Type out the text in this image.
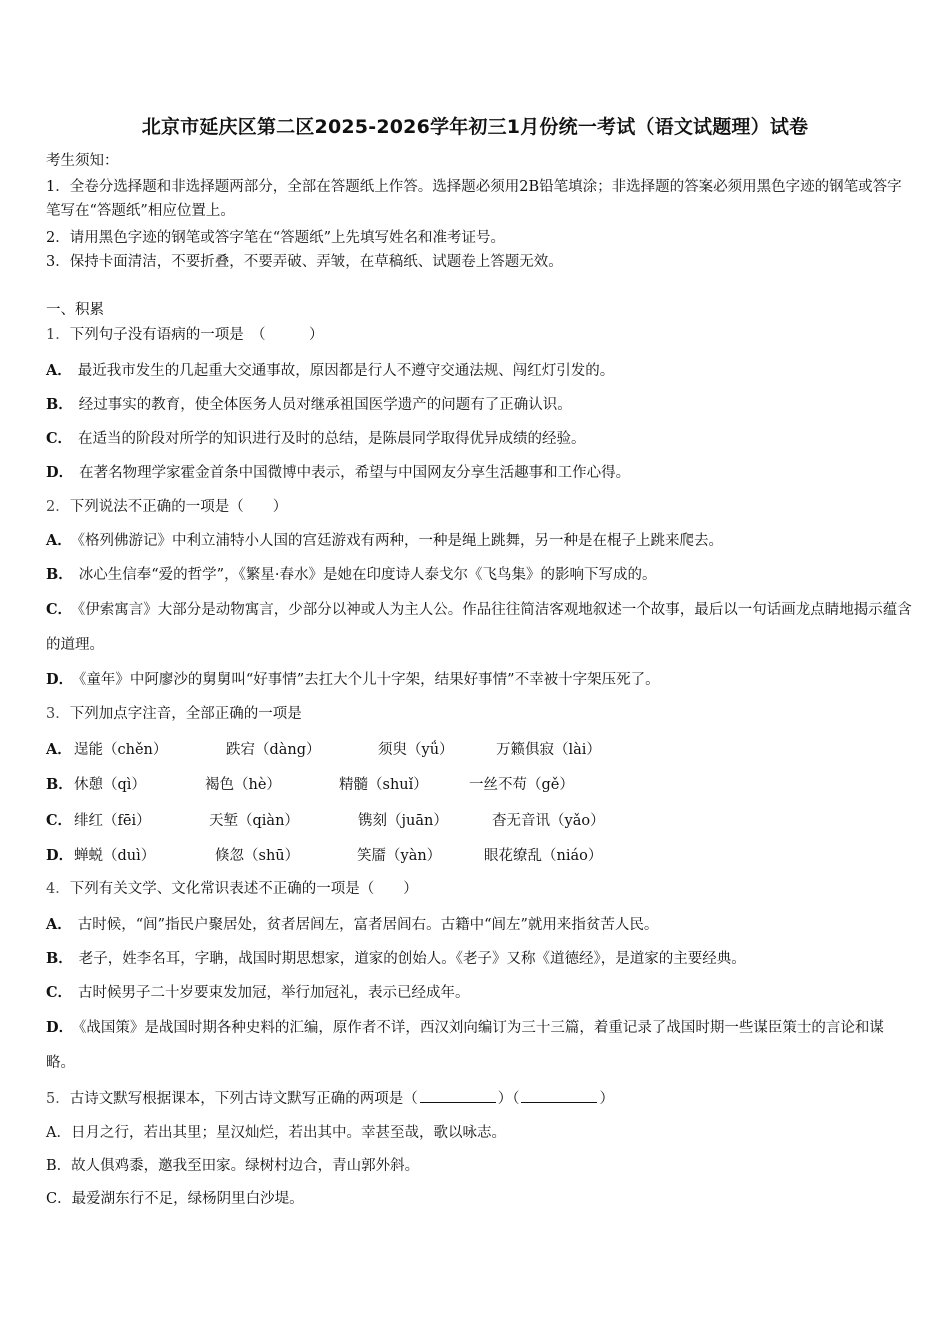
北京市延庆区第二区2025-2026学年初三1月份统一考试（语文试题理）试卷
考生须知：
1．全卷分选择题和非选择题两部分，全部在答题纸上作答。选择题必须用2B铅笔填涂；非选择题的答案必须用黑色字迹的钢笔或答字笔写在“答题纸”相应位置上。
2．请用黑色字迹的钢笔或答字笔在“答题纸”上先填写姓名和准考证号。
3．保持卡面清洁，不要折叠，不要弄破、弄皱，在草稿纸、试题卷上答题无效。
一、积累
1．下列句子没有语病的一项是　（　　　）
A． 最近我市发生的几起重大交通事故，原因都是行人不遵守交通法规、闯红灯引发的。
B． 经过事实的教育，使全体医务人员对继承祖国医学遗产的问题有了正确认识。
C． 在适当的阶段对所学的知识进行及时的总结，是陈晨同学取得优异成绩的经验。
D． 在著名物理学家霍金首条中国微博中表示，希望与中国网友分享生活趣事和工作心得。
2．下列说法不正确的一项是（　　）
A． 《格列佛游记》中利立浦特小人国的宫廷游戏有两种，一种是绳上跳舞，另一种是在棍子上跳来爬去。
B． 冰心生信奉“爱的哲学”，《繁星·春水》是她在印度诗人泰戈尔《飞鸟集》的影响下写成的。
C． 《伊索寓言》大部分是动物寓言，少部分以神或人为主人公。作品往往简洁客观地叙述一个故事，最后以一句话画龙点睛地揭示蕴含的道理。
D． 《童年》中阿廖沙的舅舅叫“好事情”去扛大个儿十字架，结果好事情”不幸被十字架压死了。
3．下列加点字注音，全部正确的一项是
A． 逞能（chěn）	跌宕（dàng）	须臾（yǘ）	万籁俱寂（lài）
B． 休憩（qì）	褐色（hè）	精髓（shuǐ）	一丝不苟（gě）
C． 绯红（fēi）	天堑（qiàn）	镌刻（juān）	杳无音讯（yǎo）
D． 蝉蜕（duì）	倏忽（shū）	笑靥（yàn）	眼花缭乱（niáo）
4．下列有关文学、文化常识表述不正确的一项是（　　）
A． 古时候，“闾”指民户聚居处，贫者居闾左，富者居闾右。古籍中“闾左”就用来指贫苦人民。
B． 老子，姓李名耳，字聃，战国时期思想家，道家的创始人。《老子》又称《道德经》，是道家的主要经典。
C． 古时候男子二十岁要束发加冠，举行加冠礼，表示已经成年。
D． 《战国策》是战国时期各种史料的汇编，原作者不详，西汉刘向编订为三十三篇，着重记录了战国时期一些谋臣策士的言论和谋略。
5．古诗文默写根据课本，下列古诗文默写正确的两项是（	）（	）
A．日月之行，若出其里；星汉灿烂，若出其中。幸甚至哉，歌以咏志。
B．故人俱鸡黍，邀我至田家。绿树村边合，青山郭外斜。
C．最爱湖东行不足，绿杨阴里白沙堤。
